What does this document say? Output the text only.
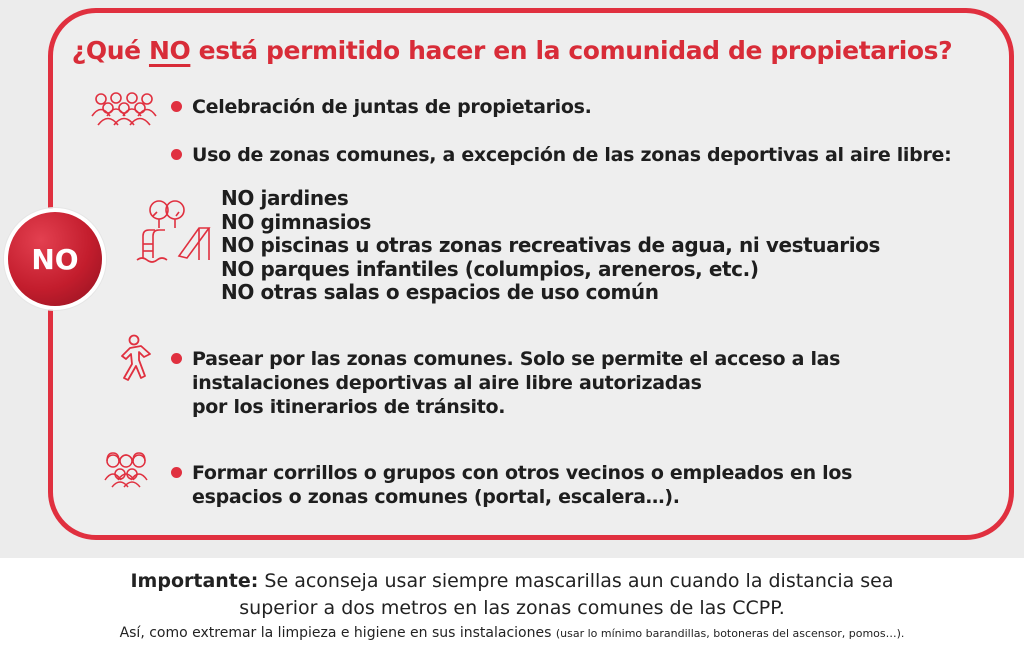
¿Qué NO está permitido hacer en la comunidad de propietarios?
NO
Celebración de juntas de propietarios.
Uso de zonas comunes, a excepción de las zonas deportivas al aire libre:
NO jardines
NO gimnasios
NO piscinas u otras zonas recreativas de agua, ni vestuarios
NO parques infantiles (columpios, areneros, etc.)
NO otras salas o espacios de uso común
Pasear por las zonas comunes. Solo se permite el acceso a las
instalaciones deportivas al aire libre autorizadas
por los itinerarios de tránsito.
Formar corrillos o grupos con otros vecinos o empleados en los
espacios o zonas comunes (portal, escalera…).
Importante: Se aconseja usar siempre mascarillas aun cuando la distancia sea
superior a dos metros en las zonas comunes de las CCPP.
Así, como extremar la limpieza e higiene en sus instalaciones (usar lo mínimo barandillas, botoneras del ascensor, pomos…).
